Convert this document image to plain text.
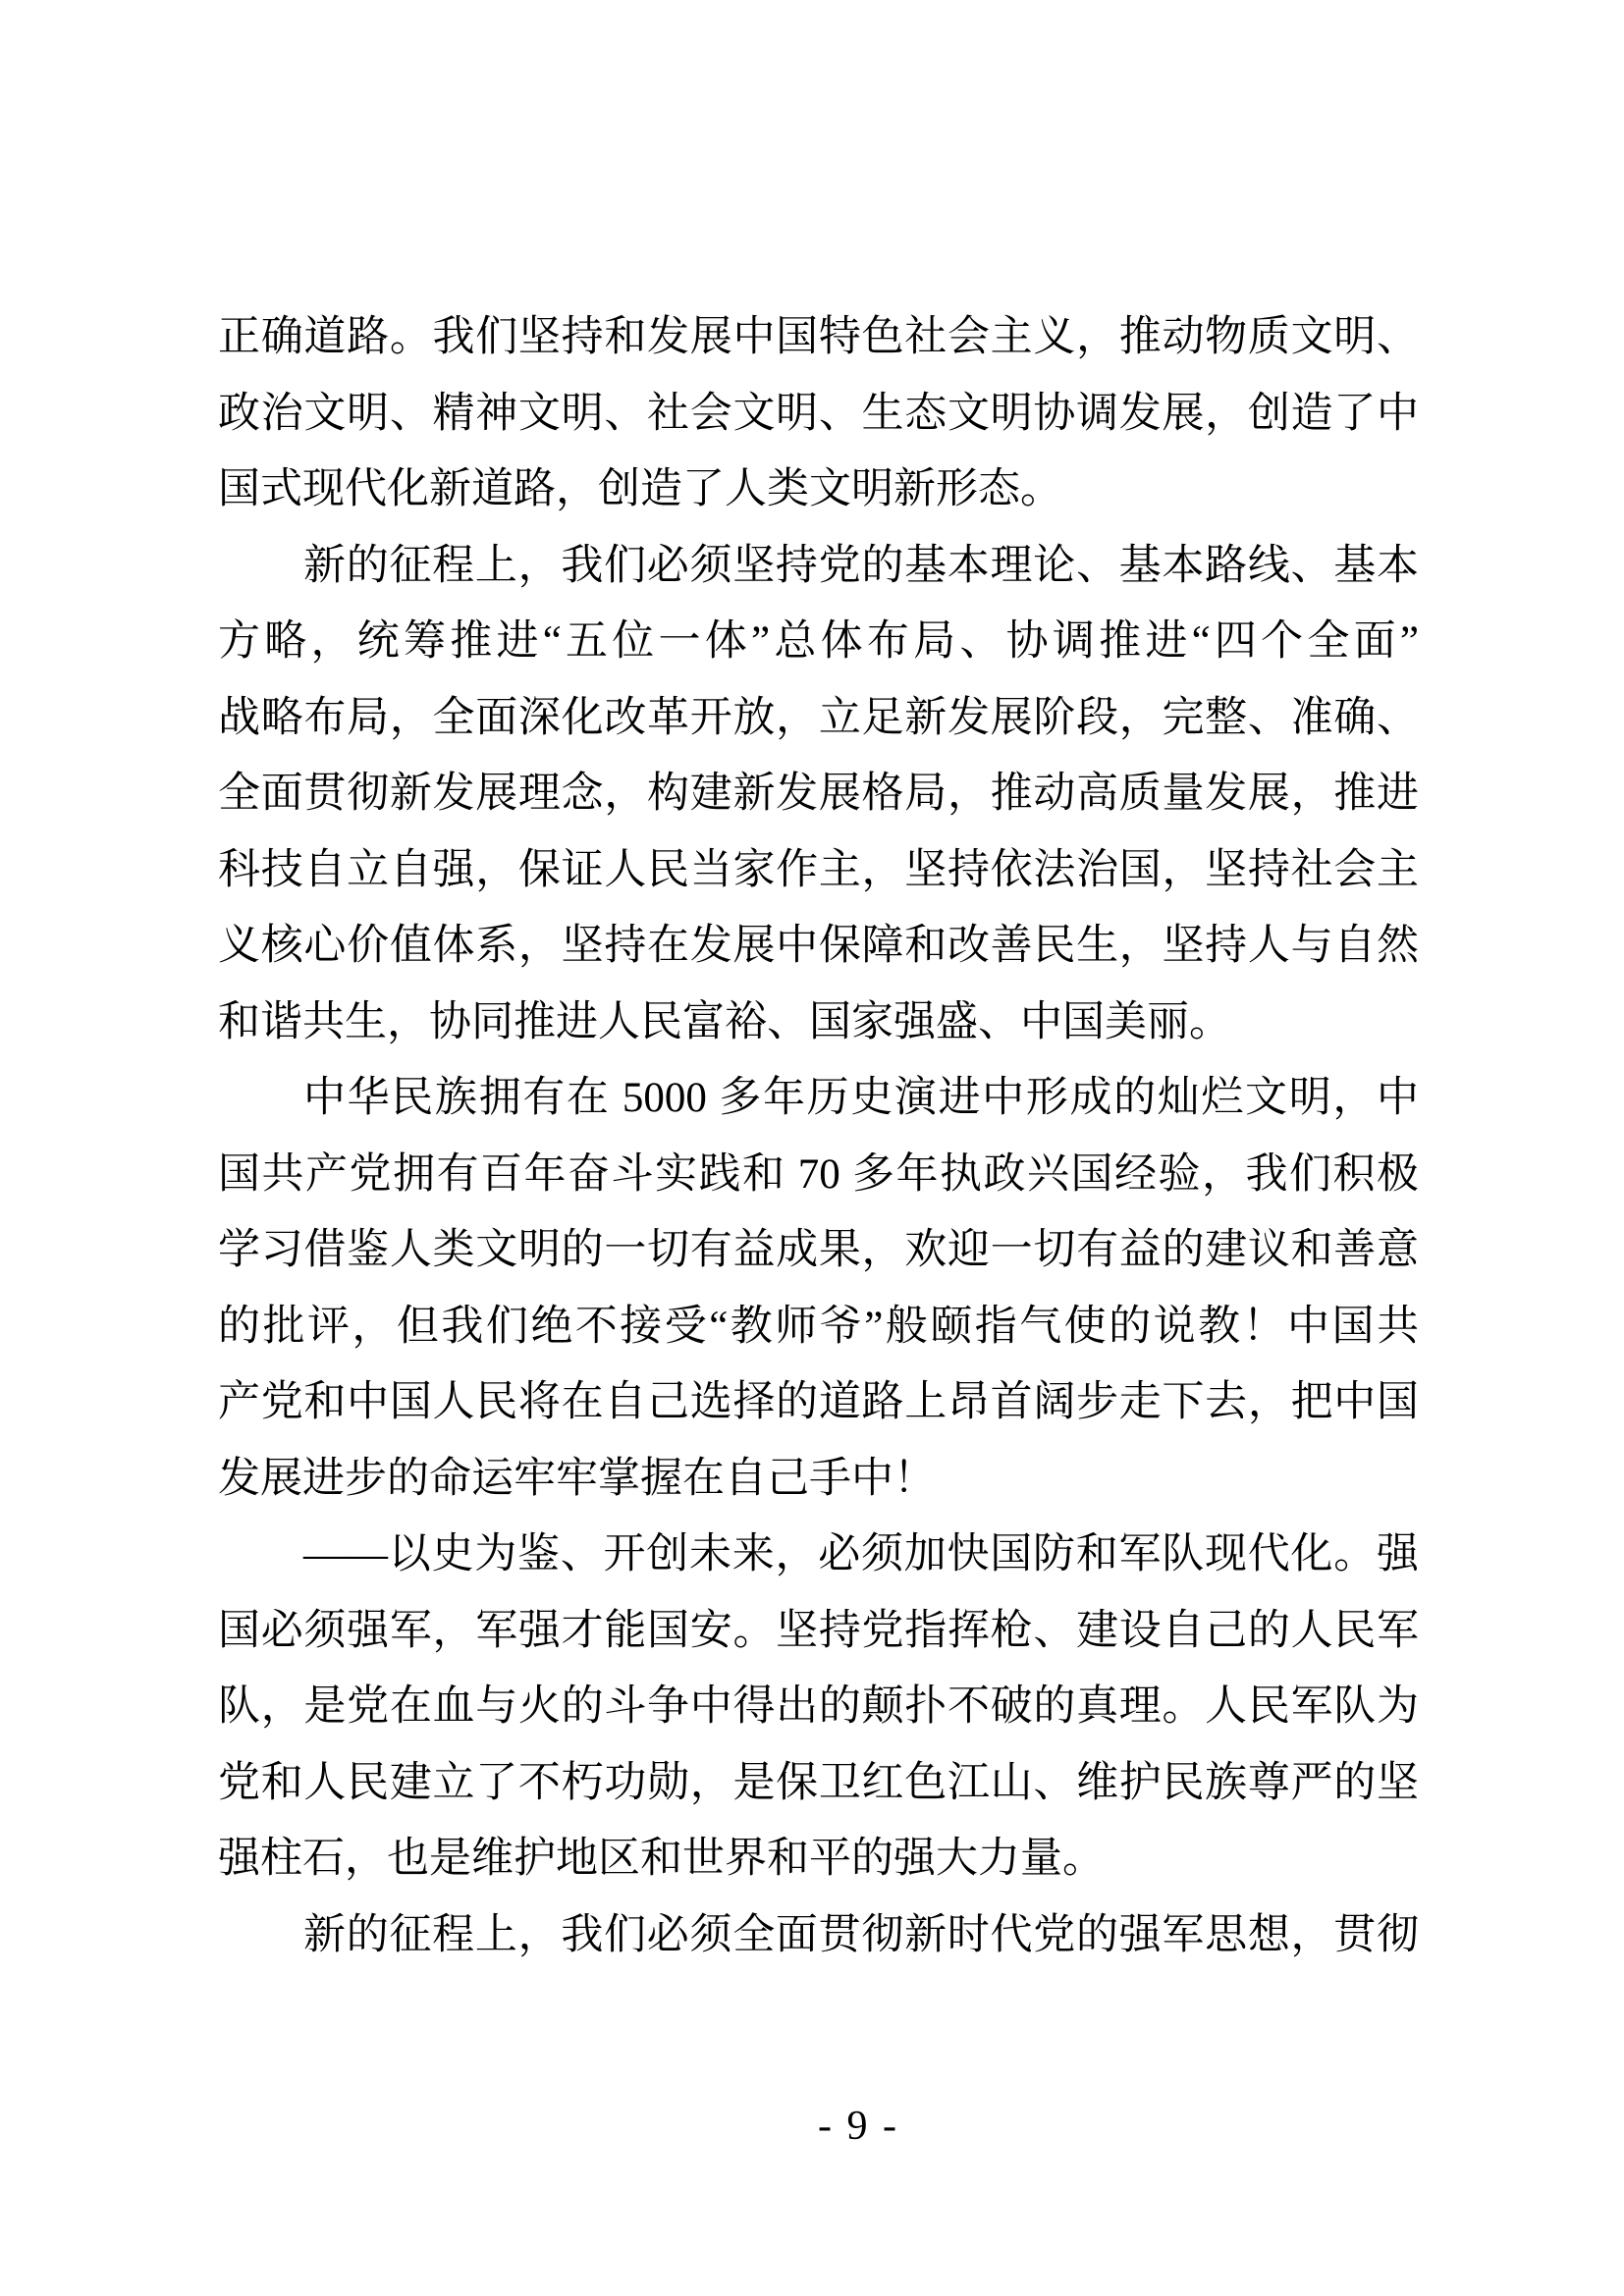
正确道路。我们坚持和发展中国特色社会主义，推动物质文明、
政治文明、精神文明、社会文明、生态文明协调发展，创造了中
国式现代化新道路，创造了人类文明新形态。
新的征程上，我们必须坚持党的基本理论、基本路线、基本
方略，统筹推进“五位一体”总体布局、协调推进“四个全面”
战略布局，全面深化改革开放，立足新发展阶段，完整、准确、
全面贯彻新发展理念，构建新发展格局，推动高质量发展，推进
科技自立自强，保证人民当家作主，坚持依法治国，坚持社会主
义核心价值体系，坚持在发展中保障和改善民生，坚持人与自然
和谐共生，协同推进人民富裕、国家强盛、中国美丽。
中华民族拥有在 5000 多年历史演进中形成的灿烂文明，中
国共产党拥有百年奋斗实践和 70 多年执政兴国经验，我们积极
学习借鉴人类文明的一切有益成果，欢迎一切有益的建议和善意
的批评，但我们绝不接受“教师爷”般颐指气使的说教！中国共
产党和中国人民将在自己选择的道路上昂首阔步走下去，把中国
发展进步的命运牢牢掌握在自己手中！
——以史为鉴、开创未来，必须加快国防和军队现代化。强
国必须强军，军强才能国安。坚持党指挥枪、建设自己的人民军
队，是党在血与火的斗争中得出的颠扑不破的真理。人民军队为
党和人民建立了不朽功勋，是保卫红色江山、维护民族尊严的坚
强柱石，也是维护地区和世界和平的强大力量。
新的征程上，我们必须全面贯彻新时代党的强军思想，贯彻
- 9 -
